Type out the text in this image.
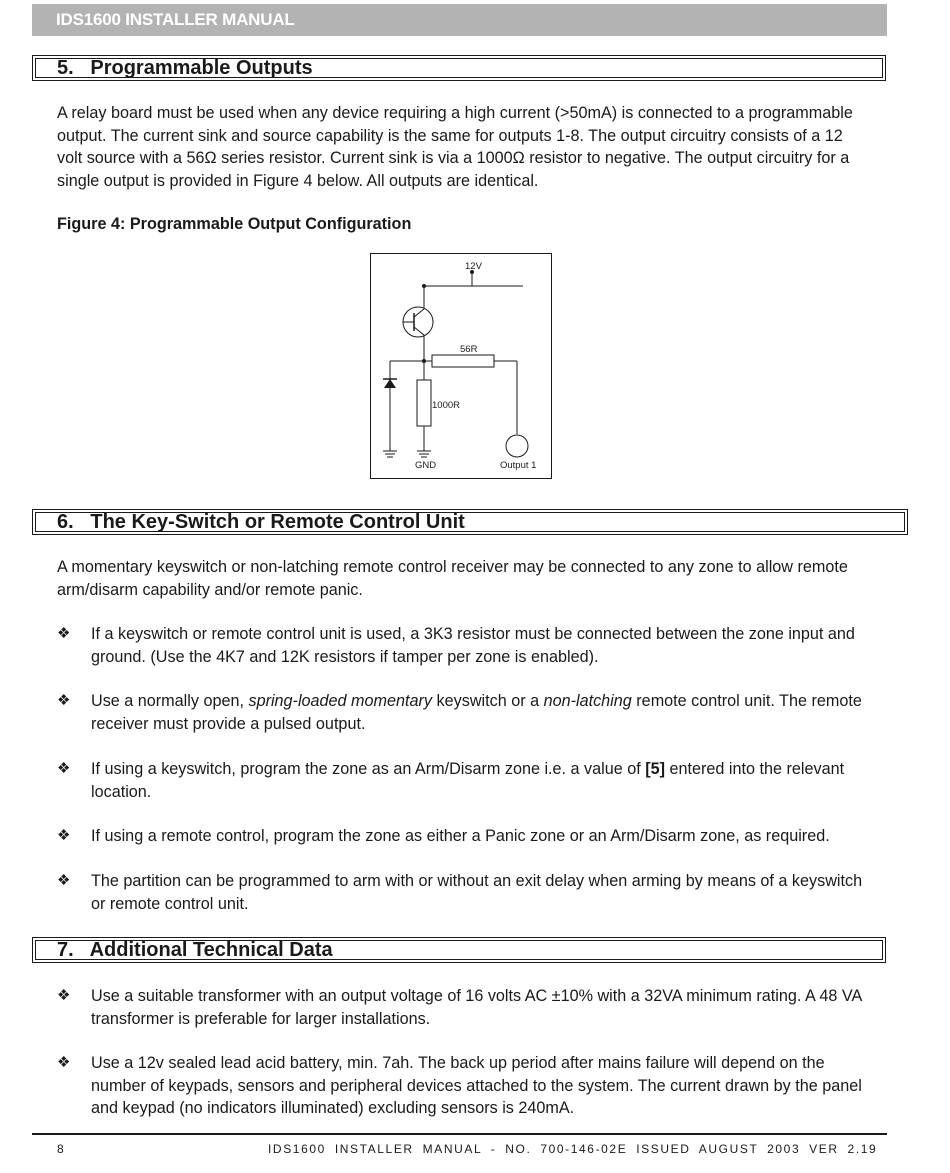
IDS1600 INSTALLER MANUAL
5.   Programmable Outputs

A relay board must be used when any device requiring a high current (>50mA) is connected to a programmable output. The current sink and source capability is the same for outputs 1-8. The output circuitry consists of a 12 volt source with a 56Ω series resistor. Current sink is via a 1000Ω resistor to negative. The output circuitry for a single output is provided in Figure 4 below. All outputs are identical.

Figure 4: Programmable Output Configuration
12V
56R
Output 1
1000R
GND
6.   The Key-Switch or Remote Control Unit

A momentary keyswitch or non-latching remote control receiver may be connected to any zone to allow remote arm/disarm capability and/or remote panic.

❖ If a keyswitch or remote control unit is used, a 3K3 resistor must be connected between the zone input and ground. (Use the 4K7 and 12K resistors if tamper per zone is enabled).
❖ Use a normally open, spring-loaded momentary keyswitch or a non-latching remote control unit. The remote receiver must provide a pulsed output.
❖ If using a keyswitch, program the zone as an Arm/Disarm zone i.e. a value of [5] entered into the relevant location.
❖ If using a remote control, program the zone as either a Panic zone or an Arm/Disarm zone, as required.
❖ The partition can be programmed to arm with or without an exit delay when arming by means of a keyswitch or remote control unit.
7.   Additional Technical Data
❖ Use a suitable transformer with an output voltage of 16 volts AC ±10% with a 32VA minimum rating. A 48 VA transformer is preferable for larger installations.
❖ Use a 12v sealed lead acid battery, min. 7ah. The back up period after mains failure will depend on the number of keypads, sensors and peripheral devices attached to the system. The current drawn by the panel and keypad (no indicators illuminated) excluding sensors is 240mA.
8	IDS1600 INSTALLER MANUAL - NO. 700-146-02E ISSUED AUGUST 2003 VER 2.19
